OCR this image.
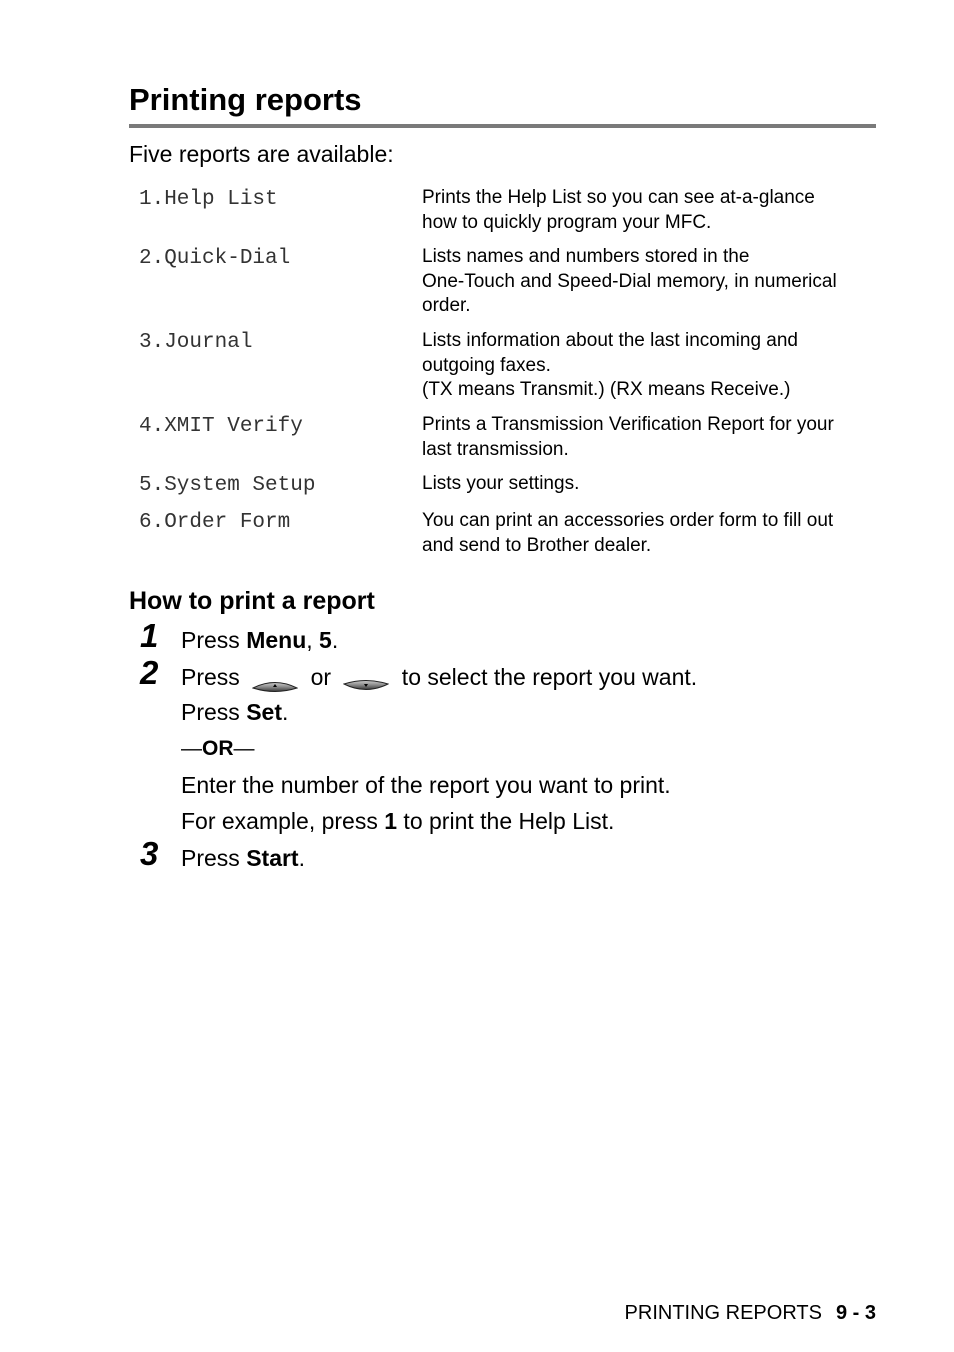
Printing reports
Five reports are available:
1.Help List	Prints the Help List so you can see at-a-glance
how to quickly program your MFC.
2.Quick-Dial	Lists names and numbers stored in the
One-Touch and Speed-Dial memory, in numerical
order.
3.Journal	Lists information about the last incoming and
outgoing faxes.
(TX means Transmit.) (RX means Receive.)
4.XMIT Verify	Prints a Transmission Verification Report for your
last transmission.
5.System Setup	Lists your settings.
6.Order Form	You can print an accessories order form to fill out
and send to Brother dealer.
How to print a report
1 Press Menu, 5.
2 Press	or	to select the report you want.
Press Set.
—OR—
Enter the number of the report you want to print.
For example, press 1 to print the Help List.
3 Press Start.
PRINTING REPORTS 9 - 3
